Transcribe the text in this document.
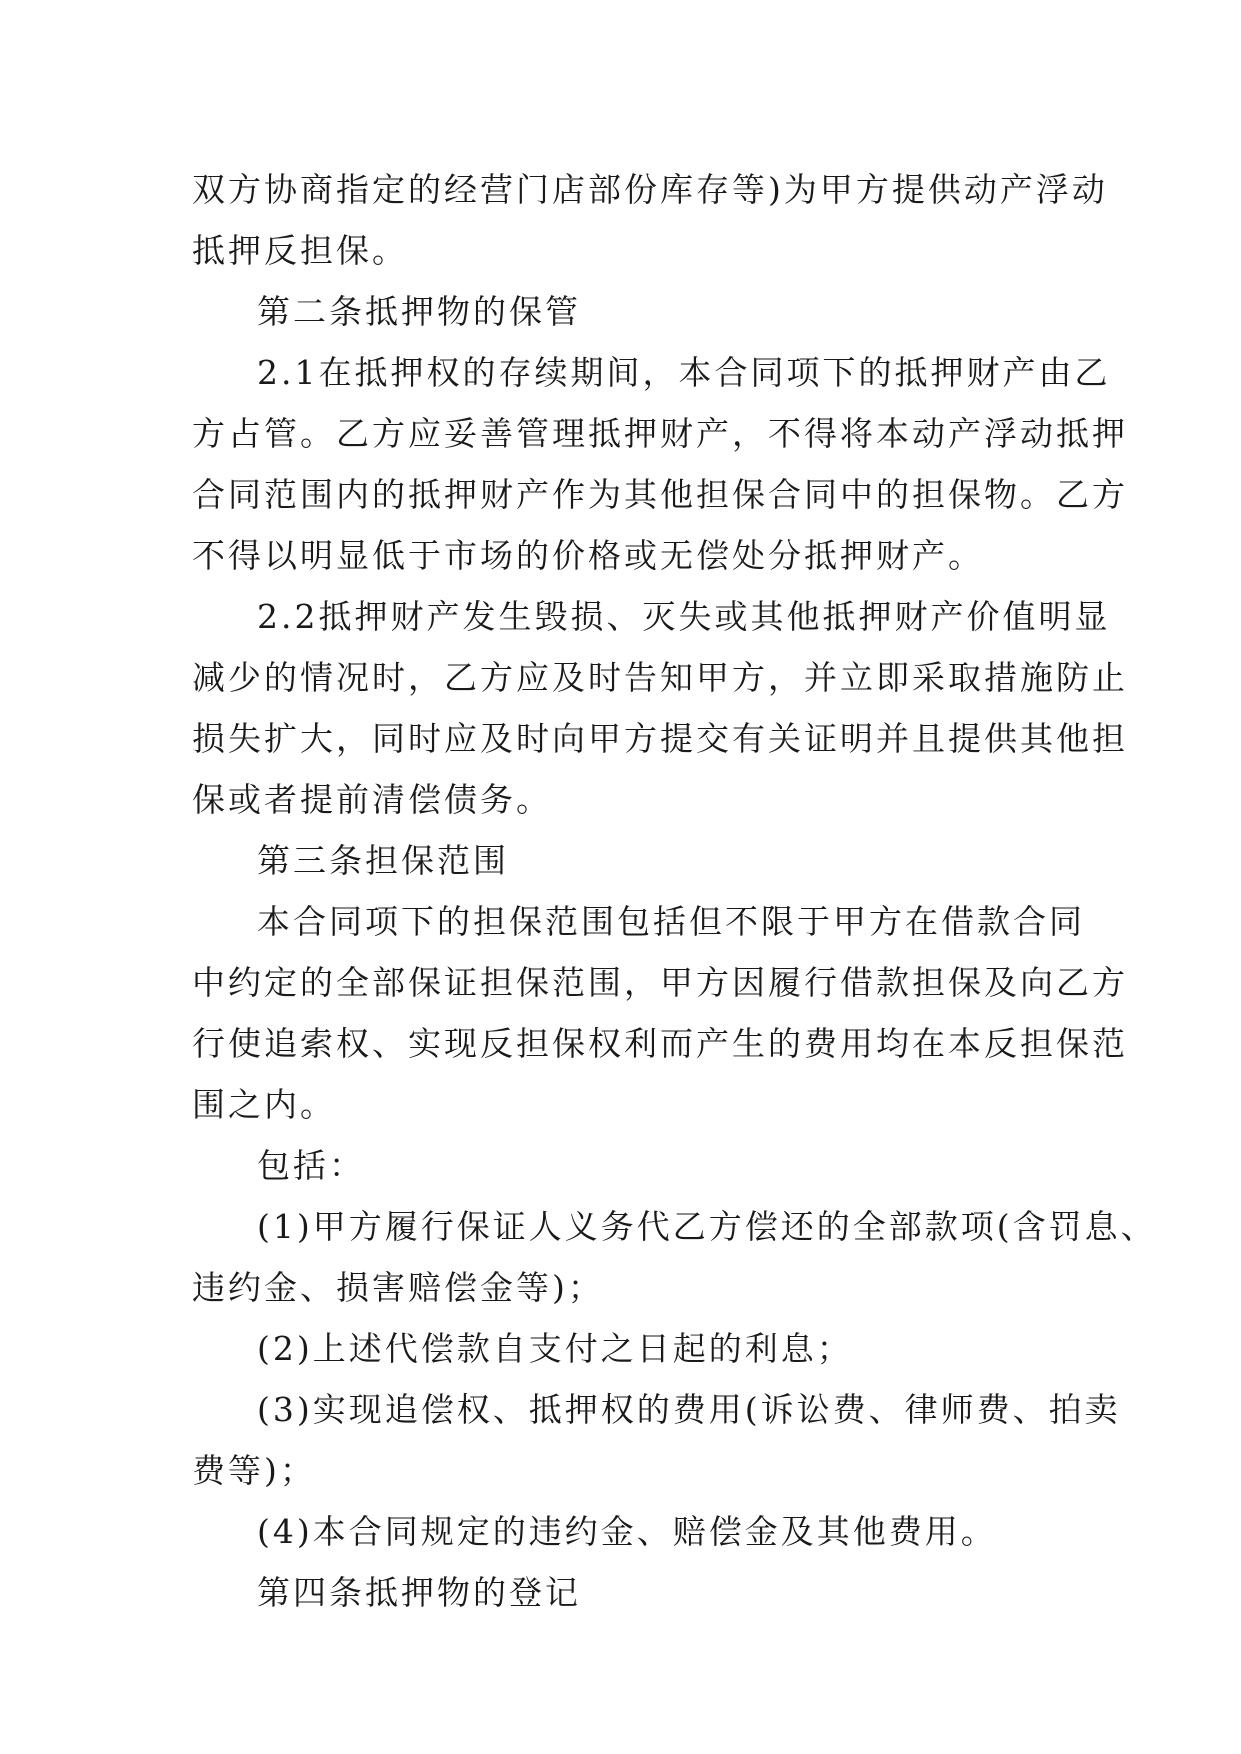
双方协商指定的经营门店部份库存等)为甲方提供动产浮动
抵押反担保。
第二条抵押物的保管
2.1在抵押权的存续期间，本合同项下的抵押财产由乙
方占管。乙方应妥善管理抵押财产，不得将本动产浮动抵押
合同范围内的抵押财产作为其他担保合同中的担保物。乙方
不得以明显低于市场的价格或无偿处分抵押财产。
2.2抵押财产发生毁损、灭失或其他抵押财产价值明显
减少的情况时，乙方应及时告知甲方，并立即采取措施防止
损失扩大，同时应及时向甲方提交有关证明并且提供其他担
保或者提前清偿债务。
第三条担保范围
本合同项下的担保范围包括但不限于甲方在借款合同
中约定的全部保证担保范围，甲方因履行借款担保及向乙方
行使追索权、实现反担保权利而产生的费用均在本反担保范
围之内。
包括：
(1)甲方履行保证人义务代乙方偿还的全部款项(含罚息、
违约金、损害赔偿金等)；
(2)上述代偿款自支付之日起的利息；
(3)实现追偿权、抵押权的费用(诉讼费、律师费、拍卖
费等)；
(4)本合同规定的违约金、赔偿金及其他费用。
第四条抵押物的登记
